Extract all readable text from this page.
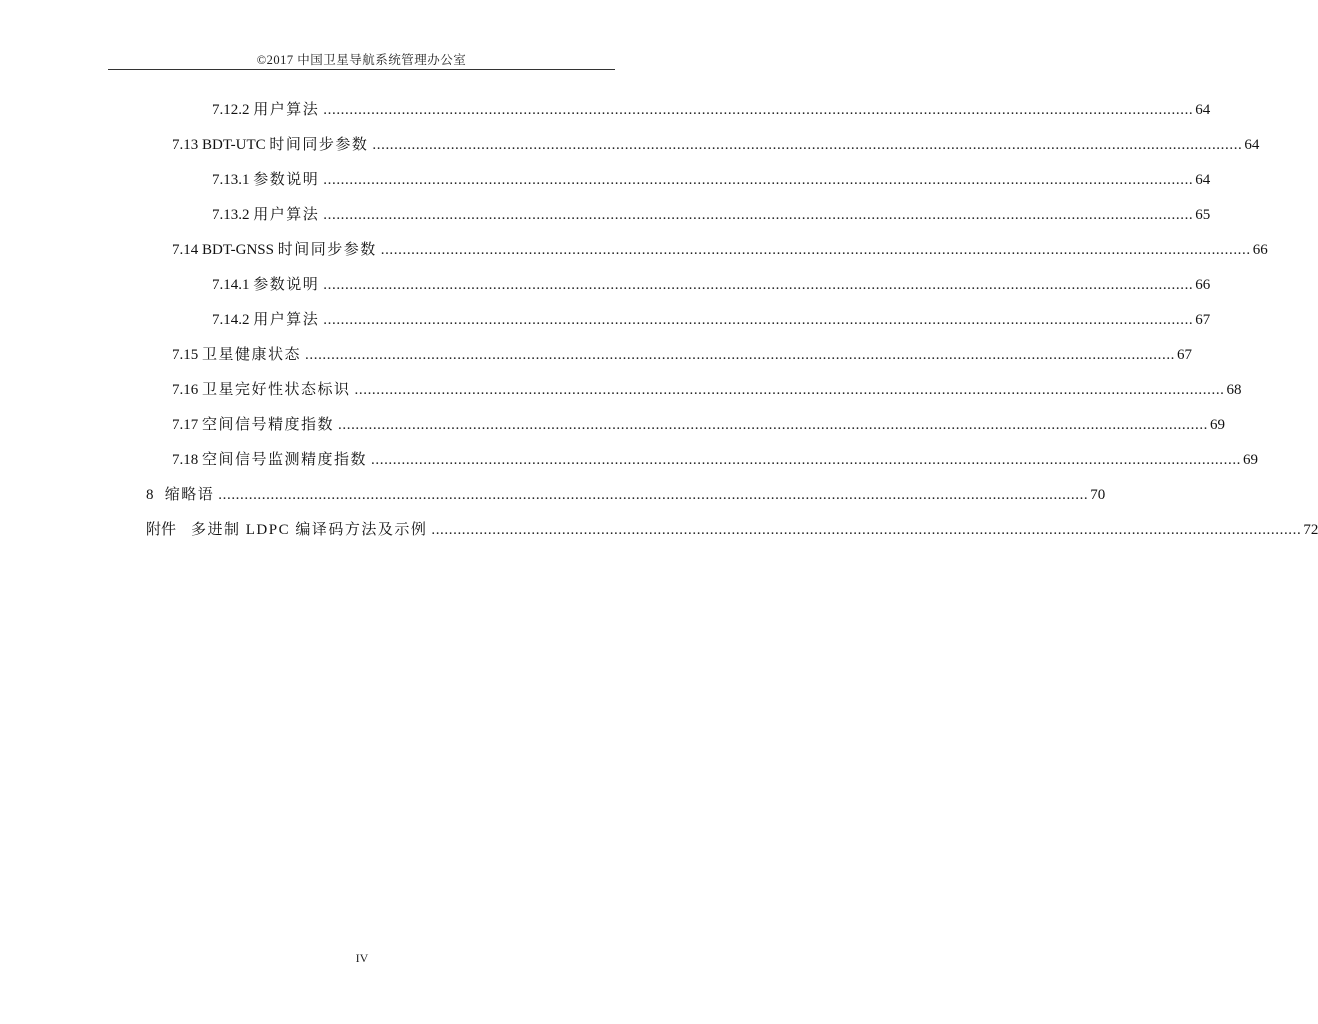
©2017 中国卫星导航系统管理办公室
7.12.2 用户算法 ........................................................................................................................................................................................................ 64
7.13 BDT-UTC 时间同步参数 ........................................................................................................................................................................................................ 64
7.13.1 参数说明 ........................................................................................................................................................................................................ 64
7.13.2 用户算法 ........................................................................................................................................................................................................ 65
7.14 BDT-GNSS 时间同步参数 ........................................................................................................................................................................................................ 66
7.14.1 参数说明 ........................................................................................................................................................................................................ 66
7.14.2 用户算法 ........................................................................................................................................................................................................ 67
7.15 卫星健康状态 ........................................................................................................................................................................................................ 67
7.16 卫星完好性状态标识 ........................................................................................................................................................................................................ 68
7.17 空间信号精度指数 ........................................................................................................................................................................................................ 69
7.18 空间信号监测精度指数 ........................................................................................................................................................................................................ 69
8 缩略语 ........................................................................................................................................................................................................ 70
附件 多进制 LDPC 编译码方法及示例 ........................................................................................................................................................................................................ 72
IV
